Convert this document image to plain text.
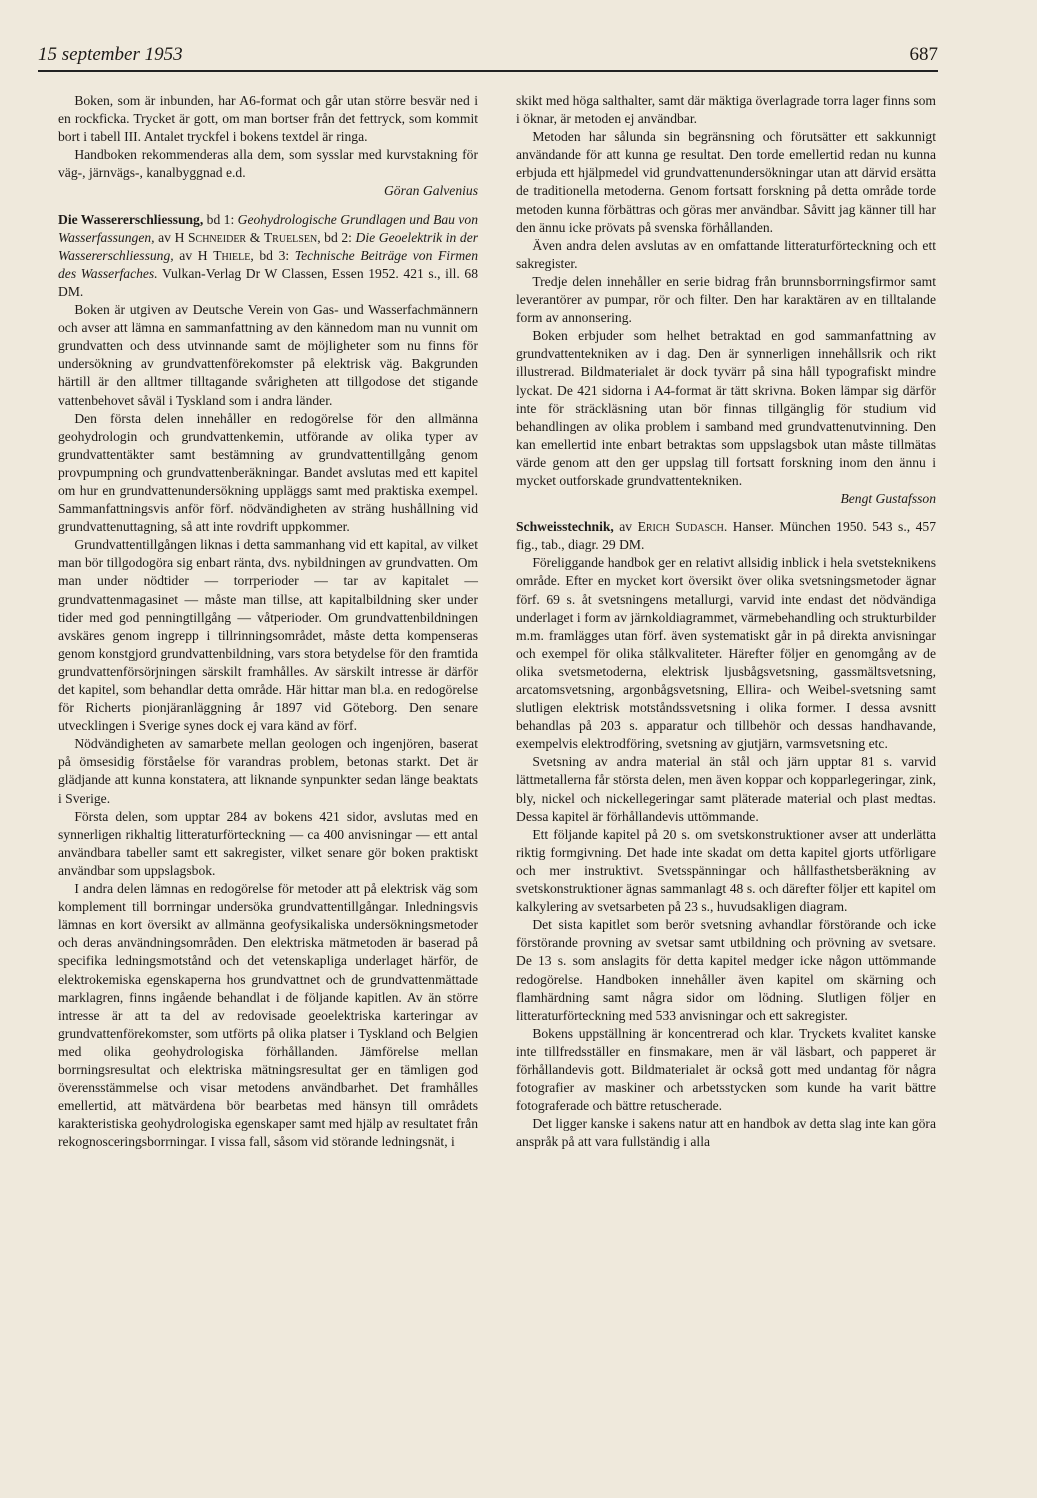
15 september 1953	687

Boken, som är inbunden, har A6-format och går utan större besvär ned i en rockficka. Trycket är gott, om man bortser från det fettryck, som kommit bort i tabell III. Antalet tryckfel i bokens textdel är ringa.

Handboken rekommenderas alla dem, som sysslar med kurvstakning för väg-, järnvägs-, kanalbyggnad e.d.

Göran Galvenius

Die Wassererschliessung, bd 1: Geohydrologische Grundlagen und Bau von Wasserfassungen, av H Schneider & Truelsen, bd 2: Die Geoelektrik in der Wassererschliessung, av H Thiele, bd 3: Technische Beiträge von Firmen des Wasserfaches. Vulkan-Verlag Dr W Classen, Essen 1952. 421 s., ill. 68 DM.

Boken är utgiven av Deutsche Verein von Gas- und Wasserfachmännern och avser att lämna en sammanfattning av den kännedom man nu vunnit om grundvatten och dess utvinnande samt de möjligheter som nu finns för undersökning av grundvattenförekomster på elektrisk väg. Bakgrunden härtill är den alltmer tilltagande svårigheten att tillgodose det stigande vattenbehovet såväl i Tyskland som i andra länder.

Den första delen innehåller en redogörelse för den allmänna geohydrologin och grundvattenkemin, utförande av olika typer av grundvattentäkter samt bestämning av grundvattentillgång genom provpumpning och grundvattenberäkningar. Bandet avslutas med ett kapitel om hur en grundvattenundersökning uppläggs samt med praktiska exempel. Sammanfattningsvis anför förf. nödvändigheten av sträng hushållning vid grundvattenuttagning, så att inte rovdrift uppkommer.

Grundvattentillgången liknas i detta sammanhang vid ett kapital, av vilket man bör tillgodogöra sig enbart ränta, dvs. nybildningen av grundvatten. Om man under nödtider — torrperioder — tar av kapitalet — grundvattenmagasinet — måste man tillse, att kapitalbildning sker under tider med god penningtillgång — våtperioder. Om grundvattenbildningen avskäres genom ingrepp i tillrinningsområdet, måste detta kompenseras genom konstgjord grundvattenbildning, vars stora betydelse för den framtida grundvattenförsörjningen särskilt framhålles. Av särskilt intresse är därför det kapitel, som behandlar detta område. Här hittar man bl.a. en redogörelse för Richerts pionjäranläggning år 1897 vid Göteborg. Den senare utvecklingen i Sverige synes dock ej vara känd av förf.

Nödvändigheten av samarbete mellan geologen och ingenjören, baserat på ömsesidig förståelse för varandras problem, betonas starkt. Det är glädjande att kunna konstatera, att liknande synpunkter sedan länge beaktats i Sverige.

Första delen, som upptar 284 av bokens 421 sidor, avslutas med en synnerligen rikhaltig litteraturförteckning — ca 400 anvisningar — ett antal användbara tabeller samt ett sakregister, vilket senare gör boken praktiskt användbar som uppslagsbok.

I andra delen lämnas en redogörelse för metoder att på elektrisk väg som komplement till borrningar undersöka grundvattentillgångar. Inledningsvis lämnas en kort översikt av allmänna geofysikaliska undersökningsmetoder och deras användningsområden. Den elektriska mätmetoden är baserad på specifika ledningsmotstånd och det vetenskapliga underlaget härför, de elektrokemiska egenskaperna hos grundvattnet och de grundvattenmättade marklagren, finns ingående behandlat i de följande kapitlen. Av än större intresse är att ta del av redovisade geoelektriska karteringar av grundvattenförekomster, som utförts på olika platser i Tyskland och Belgien med olika geohydrologiska förhållanden. Jämförelse mellan borrningsresultat och elektriska mätningsresultat ger en tämligen god överensstämmelse och visar metodens användbarhet. Det framhålles emellertid, att mätvärdena bör bearbetas med hänsyn till områdets karakteristiska geohydrologiska egenskaper samt med hjälp av resultatet från rekognosceringsborrningar. I vissa fall, såsom vid störande ledningsnät, i

skikt med höga salthalter, samt där mäktiga överlagrade torra lager finns som i öknar, är metoden ej användbar.

Metoden har sålunda sin begränsning och förutsätter ett sakkunnigt användande för att kunna ge resultat. Den torde emellertid redan nu kunna erbjuda ett hjälpmedel vid grundvattenundersökningar utan att därvid ersätta de traditionella metoderna. Genom fortsatt forskning på detta område torde metoden kunna förbättras och göras mer användbar. Såvitt jag känner till har den ännu icke prövats på svenska förhållanden.

Även andra delen avslutas av en omfattande litteraturförteckning och ett sakregister.

Tredje delen innehåller en serie bidrag från brunnsborrningsfirmor samt leverantörer av pumpar, rör och filter. Den har karaktären av en tilltalande form av annonsering.

Boken erbjuder som helhet betraktad en god sammanfattning av grundvattentekniken av i dag. Den är synnerligen innehållsrik och rikt illustrerad. Bildmaterialet är dock tyvärr på sina håll typografiskt mindre lyckat. De 421 sidorna i A4-format är tätt skrivna. Boken lämpar sig därför inte för sträckläsning utan bör finnas tillgänglig för studium vid behandlingen av olika problem i samband med grundvattenutvinning. Den kan emellertid inte enbart betraktas som uppslagsbok utan måste tillmätas värde genom att den ger uppslag till fortsatt forskning inom den ännu i mycket outforskade grundvattentekniken.

Bengt Gustafsson

Schweisstechnik, av Erich Sudasch. Hanser. München 1950. 543 s., 457 fig., tab., diagr. 29 DM.

Föreliggande handbok ger en relativt allsidig inblick i hela svetsteknikens område. Efter en mycket kort översikt över olika svetsningsmetoder ägnar förf. 69 s. åt svetsningens metallurgi, varvid inte endast det nödvändiga underlaget i form av järnkoldiagrammet, värmebehandling och strukturbilder m.m. framlägges utan förf. även systematiskt går in på direkta anvisningar och exempel för olika stålkvaliteter. Härefter följer en genomgång av de olika svetsmetoderna, elektrisk ljusbågsvetsning, gassmältsvetsning, arcatomsvetsning, argonbågsvetsning, Ellira- och Weibel-svetsning samt slutligen elektrisk motståndssvetsning i olika former. I dessa avsnitt behandlas på 203 s. apparatur och tillbehör och dessas handhavande, exempelvis elektrodföring, svetsning av gjutjärn, varmsvetsning etc.

Svetsning av andra material än stål och järn upptar 81 s. varvid lättmetallerna får största delen, men även koppar och kopparlegeringar, zink, bly, nickel och nickellegeringar samt pläterade material och plast medtas. Dessa kapitel är förhållandevis uttömmande.

Ett följande kapitel på 20 s. om svetskonstruktioner avser att underlätta riktig formgivning. Det hade inte skadat om detta kapitel gjorts utförligare och mer instruktivt. Svetsspänningar och hållfasthetsberäkning av svetskonstruktioner ägnas sammanlagt 48 s. och därefter följer ett kapitel om kalkylering av svetsarbeten på 23 s., huvudsakligen diagram.

Det sista kapitlet som berör svetsning avhandlar förstörande och icke förstörande provning av svetsar samt utbildning och prövning av svetsare. De 13 s. som anslagits för detta kapitel medger icke någon uttömmande redogörelse. Handboken innehåller även kapitel om skärning och flamhärdning samt några sidor om lödning. Slutligen följer en litteraturförteckning med 533 anvisningar och ett sakregister.

Bokens uppställning är koncentrerad och klar. Tryckets kvalitet kanske inte tillfredsställer en finsmakare, men är väl läsbart, och papperet är förhållandevis gott. Bildmaterialet är också gott med undantag för några fotografier av maskiner och arbetsstycken som kunde ha varit bättre fotograferade och bättre retuscherade.

Det ligger kanske i sakens natur att en handbok av detta slag inte kan göra anspråk på att vara fullständig i alla
